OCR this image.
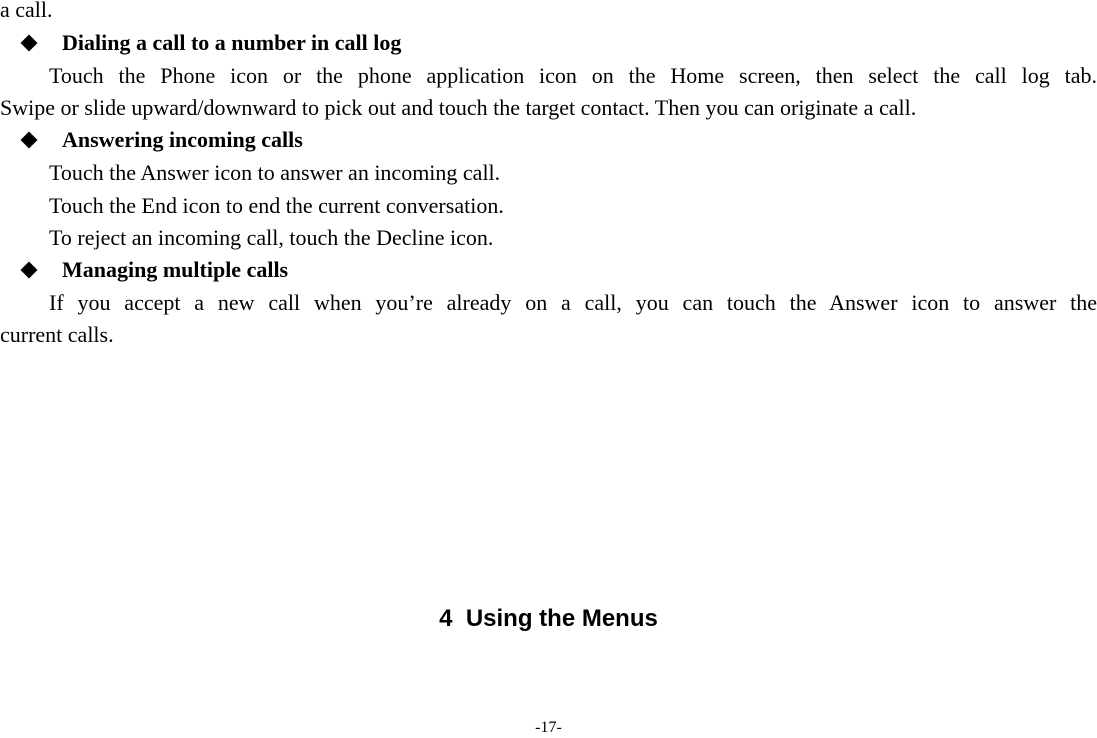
a call.
Dialing a call to a number in call log
Touch the Phone icon or the phone application icon on the Home screen, then select the call log tab.
Swipe or slide upward/downward to pick out and touch the target contact. Then you can originate a call.
Answering incoming calls
Touch the Answer icon to answer an incoming call.
Touch the End icon to end the current conversation.
To reject an incoming call, touch the Decline icon.
Managing multiple calls
If you accept a new call when you’re already on a call, you can touch the Answer icon to answer the
current calls.
4  Using the Menus
-17-
